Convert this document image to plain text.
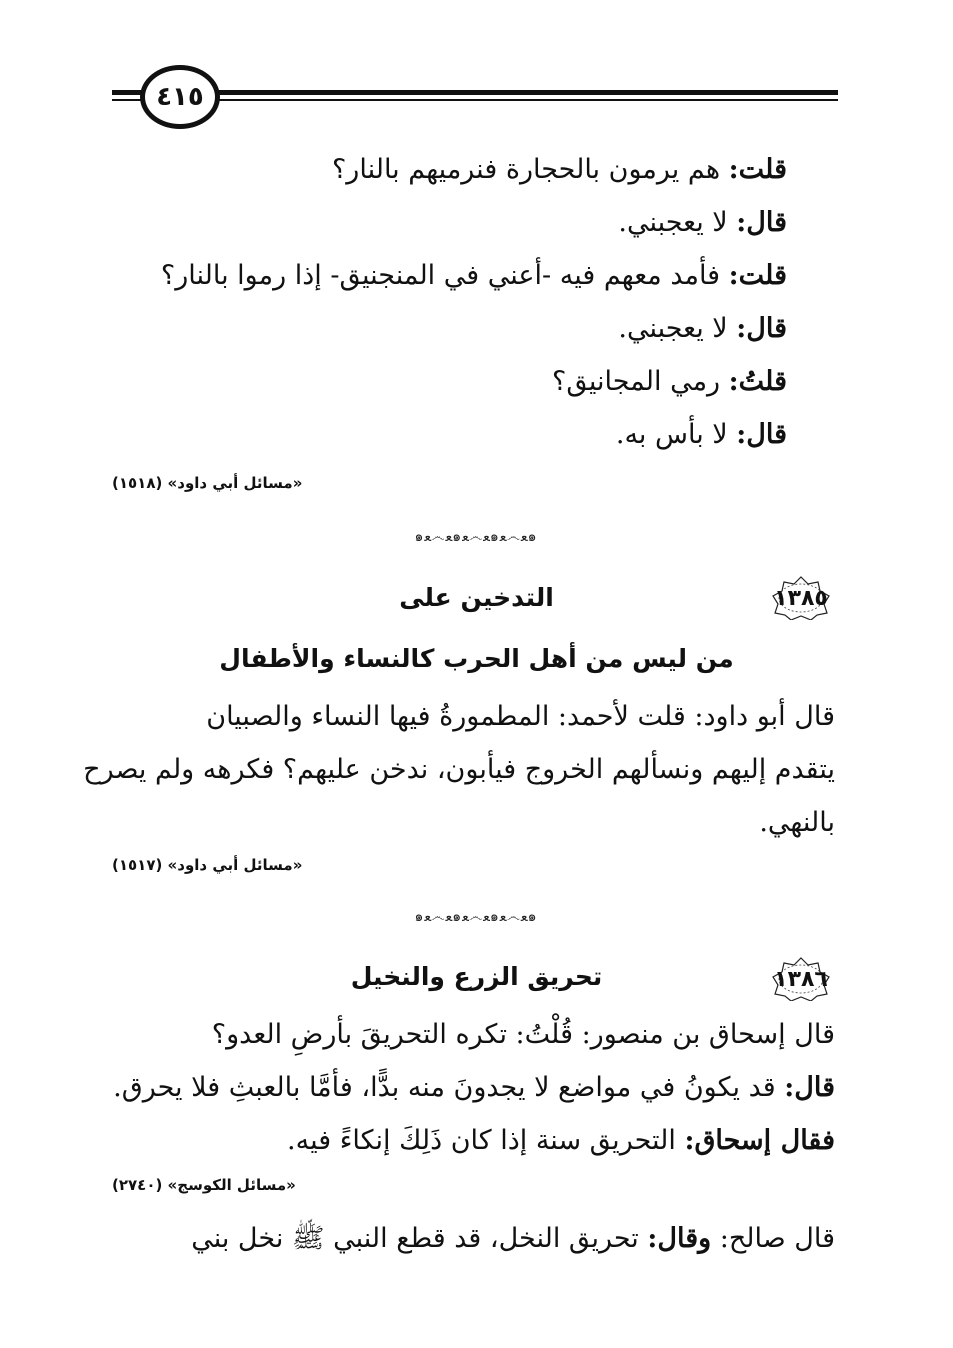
٤١٥
قلت: هم يرمون بالحجارة فنرميهم بالنار؟
قال: لا يعجبني.
قلت: فأمد معهم فيه -أعني في المنجنيق- إذا رموا بالنار؟
قال: لا يعجبني.
قلتُ: رمي المجانيق؟
قال: لا بأس به.
«مسائل أبي داود» (١٥١٨)
๑ﻌ෴ﻌ๑ﻌ෴ﻌ๑ﻌ෴ﻌ๑
١٣٨٥
التدخين على
من ليس من أهل الحرب كالنساء والأطفال
قال أبو داود: قلت لأحمد: المطمورةُ فيها النساء والصبيان
يتقدم إليهم ونسألهم الخروج فيأبون، ندخن عليهم؟ فكرهه ولم يصرح
بالنهي.
«مسائل أبي داود» (١٥١٧)
๑ﻌ෴ﻌ๑ﻌ෴ﻌ๑ﻌ෴ﻌ๑
١٣٨٦
تحريق الزرع والنخيل
قال إسحاق بن منصور: قُلْتُ: تكره التحريقَ بأرضِ العدو؟
قال: قد يكونُ في مواضع لا يجدونَ منه بدًّا، فأمَّا بالعبثِ فلا يحرق.
فقال إسحاق: التحريق سنة إذا كان ذَلِكَ إنكاءً فيه.
«مسائل الكوسج» (٢٧٤٠)
قال صالح: وقال: تحريق النخل، قد قطع النبي ﷺ نخل بني
